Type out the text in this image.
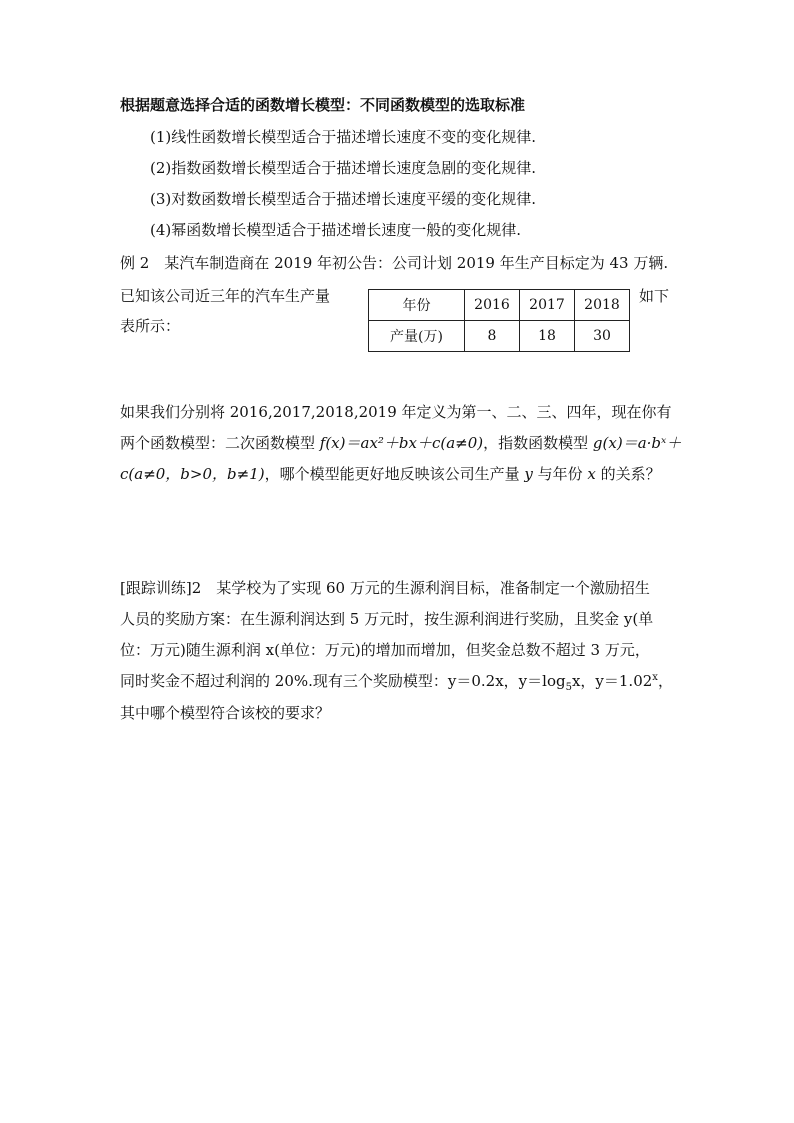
根据题意选择合适的函数增长模型：不同函数模型的选取标准
(1)线性函数增长模型适合于描述增长速度不变的变化规律.
(2)指数函数增长模型适合于描述增长速度急剧的变化规律.
(3)对数函数增长模型适合于描述增长速度平缓的变化规律.
(4)幂函数增长模型适合于描述增长速度一般的变化规律.
例 2　某汽车制造商在 2019 年初公告：公司计划 2019 年生产目标定为 43 万辆.
已知该公司近三年的汽车生产量	如下
表所示：
年份	2016	2017	2018
产量(万)	8	18	30
如果我们分别将 2016,2017,2018,2019 年定义为第一、二、三、四年，现在你有
两个函数模型：二次函数模型 f(x)＝ax²＋bx＋c(a≠0)，指数函数模型 g(x)＝a·bˣ＋
c(a≠0，b>0，b≠1)，哪个模型能更好地反映该公司生产量 y 与年份 x 的关系？
[跟踪训练]2　某学校为了实现 60 万元的生源利润目标，准备制定一个激励招生
人员的奖励方案：在生源利润达到 5 万元时，按生源利润进行奖励，且奖金 y(单
位：万元)随生源利润 x(单位：万元)的增加而增加，但奖金总数不超过 3 万元，
同时奖金不超过利润的 20%.现有三个奖励模型：y＝0.2x，$y=\log_5x$，$y=1.02^x$，
其中哪个模型符合该校的要求？
